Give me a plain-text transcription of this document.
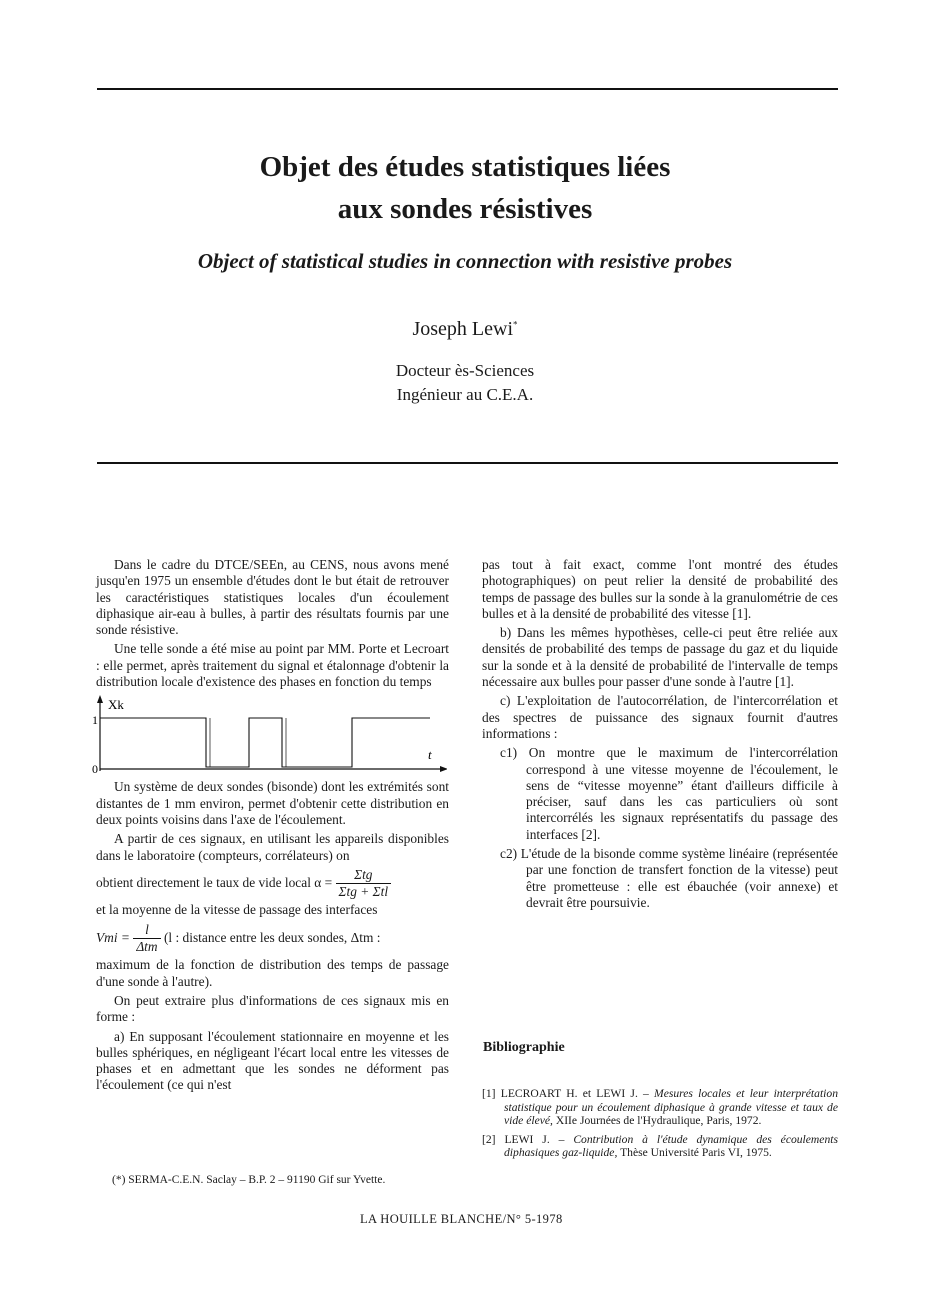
Objet des études statistiques liées
aux sondes résistives
Object of statistical studies in connection with resistive probes
Joseph Lewi*
Docteur ès-Sciences
Ingénieur au C.E.A.

Dans le cadre du DTCE/SEEn, au CENS, nous avons mené jusqu'en 1975 un ensemble d'études dont le but était de retrouver les caractéristiques statistiques locales d'un écoulement diphasique air-eau à bulles, à partir des résultats fournis par une sonde résistive.

Une telle sonde a été mise au point par MM. Porte et Lecroart : elle permet, après traitement du signal et étalonnage d'obtenir la distribution locale d'existence des phases en fonction du temps

Xk
1
0
t

Un système de deux sondes (bisonde) dont les extrémités sont distantes de 1 mm environ, permet d'obtenir cette distribution en deux points voisins dans l'axe de l'écoulement.

A partir de ces signaux, en utilisant les appareils disponibles dans le laboratoire (compteurs, corrélateurs) on

obtient directement le taux de vide local $\alpha = \frac{\text{Σtg}}{\text{Σtg + Σtl}}$

et la moyenne de la vitesse de passage des interfaces

Vmi = $\frac{l}{\text{Δtm}} (l$ : distance entre les deux sondes, Δtm :

maximum de la fonction de distribution des temps de passage d'une sonde à l'autre).

On peut extraire plus d'informations de ces signaux mis en forme :

a) En supposant l'écoulement stationnaire en moyenne et les bulles sphériques, en négligeant l'écart local entre les vitesses de phases et en admettant que les sondes ne déforment pas l'écoulement (ce qui n'est

pas tout à fait exact, comme l'ont montré des études photographiques) on peut relier la densité de probabilité des temps de passage des bulles sur la sonde à la granulométrie de ces bulles et à la densité de probabilité des vitesse [1].

b) Dans les mêmes hypothèses, celle-ci peut être reliée aux densités de probabilité des temps de passage du gaz et du liquide sur la sonde et à la densité de probabilité de l'intervalle de temps nécessaire aux bulles pour passer d'une sonde à l'autre [1].

c) L'exploitation de l'autocorrélation, de l'intercorrélation et des spectres de puissance des signaux fournit d'autres informations :

c1) On montre que le maximum de l'intercorrélation correspond à une vitesse moyenne de l'écoulement, le sens de “vitesse moyenne” étant d'ailleurs difficile à préciser, sauf dans les cas particuliers où sont intercorrélés les signaux représentatifs du passage des interfaces [2].

c2) L'étude de la bisonde comme système linéaire (représentée par une fonction de transfert fonction de la vitesse) peut être prometteuse : elle est ébauchée (voir annexe) et devrait être poursuivie.

Bibliographie
[1] LECROART H. et LEWI J. – Mesures locales et leur interprétation statistique pour un écoulement diphasique à grande vitesse et taux de vide élevé, XIIe Journées de l'Hydraulique, Paris, 1972.
[2] LEWI J. – Contribution à l'étude dynamique des écoulements diphasiques gaz-liquide, Thèse Université Paris VI, 1975.
(*) SERMA-C.E.N. Saclay – B.P. 2 – 91190 Gif sur Yvette.
LA HOUILLE BLANCHE/N° 5-1978
